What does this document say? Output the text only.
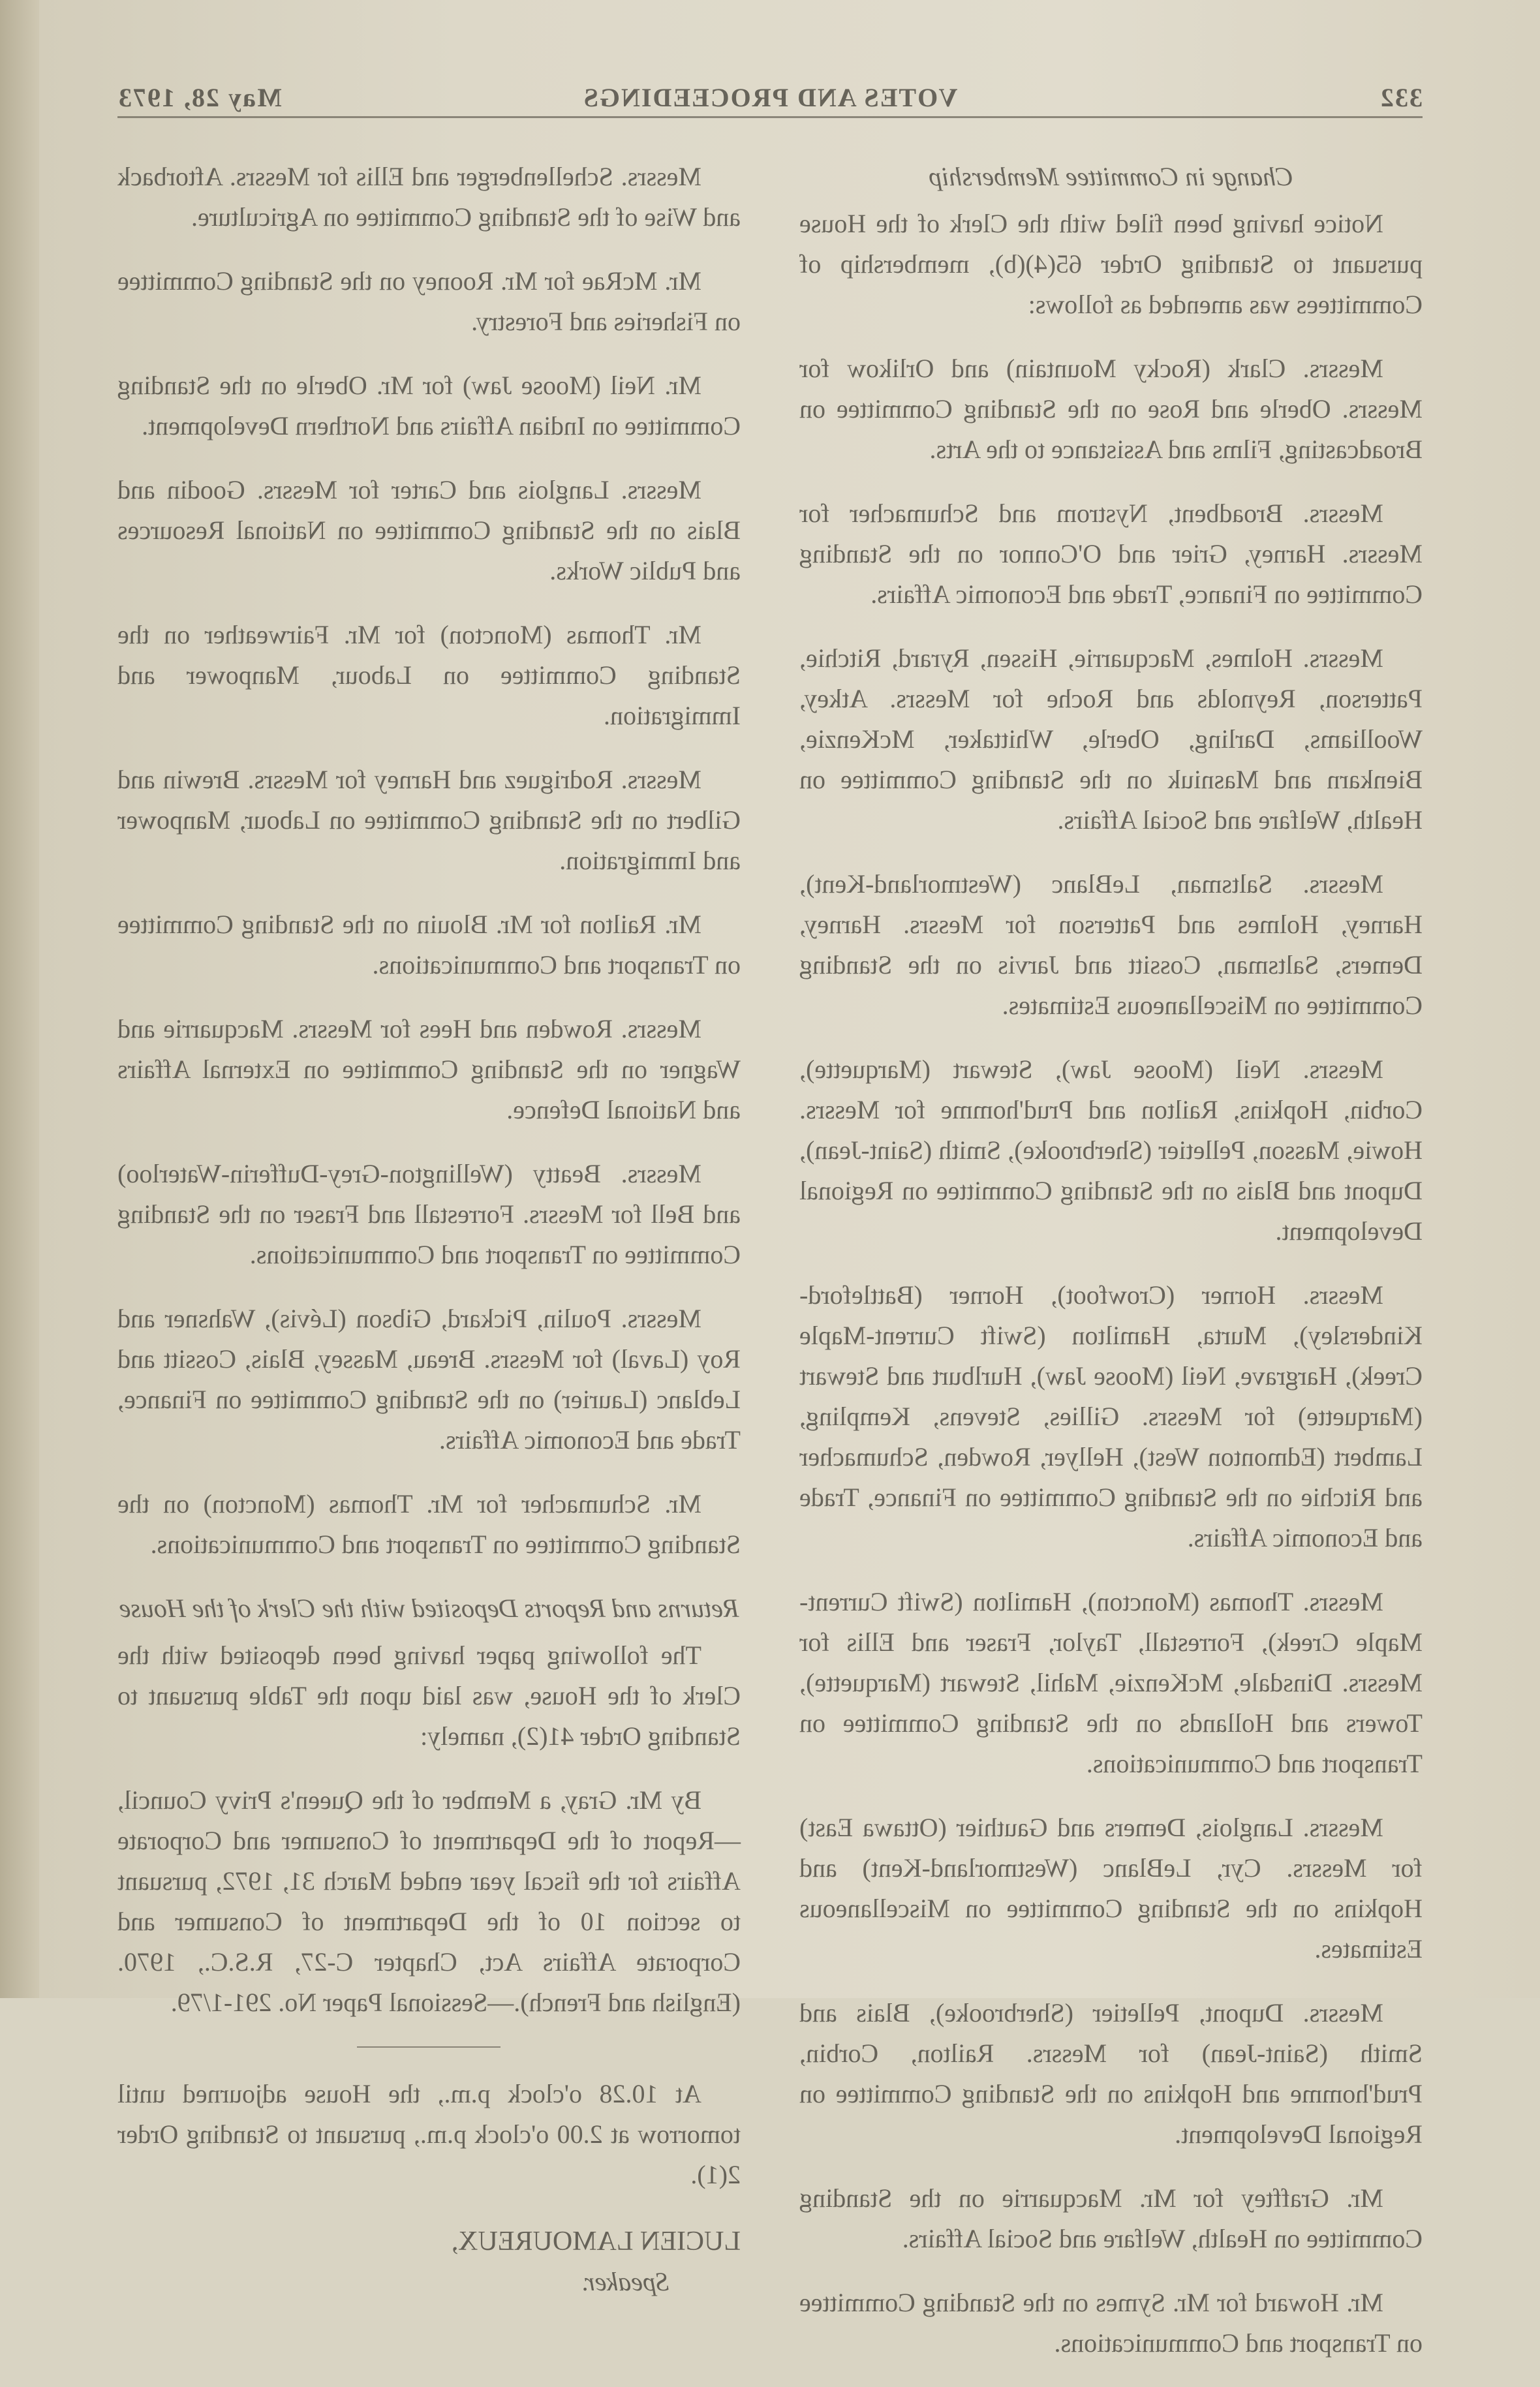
332
VOTES AND PROCEEDINGS
May 28, 1973
Change in Committee Membership

Notice having been filed with the Clerk of the House pursuant to Standing Order 65(4)(b), membership of Committees was amended as follows:

Messrs. Clark (Rocky Mountain) and Orlikow for Messrs. Oberle and Rose on the Standing Committee on Broadcasting, Films and Assistance to the Arts.

Messrs. Broadbent, Nystrom and Schumacher for Messrs. Harney, Grier and O'Connor on the Standing Committee on Finance, Trade and Economic Affairs.

Messrs. Holmes, Macquarrie, Hissen, Ryrard, Ritchie, Patterson, Reynolds and Roche for Messrs. Atkey, Woolliams, Darling, Oberle, Whittaker, McKenzie, Bienkarn and Masniuk on the Standing Committee on Health, Welfare and Social Affairs.

Messrs. Saltsman, LeBlanc (Westmorland-Kent), Harney, Holmes and Patterson for Messrs. Harney, Demers, Saltsman, Cossitt and Jarvis on the Standing Committee on Miscellaneous Estimates.

Messrs. Neil (Moose Jaw), Stewart (Marquette), Corbin, Hopkins, Railton and Prud'homme for Messrs. Howie, Masson, Pelletier (Sherbrooke), Smith (Saint-Jean), Dupont and Blais on the Standing Committee on Regional Development.

Messrs. Horner (Crowfoot), Horner (Battleford-Kindersley), Murta, Hamilton (Swift Current-Maple Creek), Hargrave, Neil (Moose Jaw), Hurlburt and Stewart (Marquette) for Messrs. Gillies, Stevens, Kempling, Lambert (Edmonton West), Hellyer, Rowden, Schumacher and Ritchie on the Standing Committee on Finance, Trade and Economic Affairs.

Messrs. Thomas (Moncton), Hamilton (Swift Current-Maple Creek), Forrestall, Taylor, Fraser and Ellis for Messrs. Dinsdale, McKenzie, Mahil, Stewart (Marquette), Towers and Hollands on the Standing Committee on Transport and Communications.

Messrs. Langlois, Demers and Gauthier (Ottawa East) for Messrs. Cyr, LeBlanc (Westmorland-Kent) and Hopkins on the Standing Committee on Miscellaneous Estimates.

Messrs. Dupont, Pelletier (Sherbrooke), Blais and Smith (Saint-Jean) for Messrs. Railton, Corbin, Prud'homme and Hopkins on the Standing Committee on Regional Development.

Mr. Grafftey for Mr. Macquarrie on the Standing Committee on Health, Welfare and Social Affairs.

Mr. Howard for Mr. Symes on the Standing Committee on Transport and Communications.

Messrs. Schellenberger and Ellis for Messrs. Aftorback and Wise of the Standing Committee on Agriculture.

Mr. McRae for Mr. Rooney on the Standing Committee on Fisheries and Forestry.

Mr. Neil (Moose Jaw) for Mr. Oberle on the Standing Committee on Indian Affairs and Northern Development.

Messrs. Langlois and Carter for Messrs. Goodin and Blais on the Standing Committee on National Resources and Public Works.

Mr. Thomas (Moncton) for Mr. Fairweather on the Standing Committee on Labour, Manpower and Immigration.

Messrs. Rodriguez and Harney for Messrs. Brewin and Gilbert on the Standing Committee on Labour, Manpower and Immigration.

Mr. Railton for Mr. Blouin on the Standing Committee on Transport and Communications.

Messrs. Rowden and Hees for Messrs. Macquarrie and Wagner on the Standing Committee on External Affairs and National Defence.

Messrs. Beatty (Wellington-Grey-Dufferin-Waterloo) and Bell for Messrs. Forrestall and Fraser on the Standing Committee on Transport and Communications.

Messrs. Poulin, Pickard, Gibson (Lévis), Wahsner and Roy (Laval) for Messrs. Breau, Massey, Blais, Cossitt and Leblanc (Laurier) on the Standing Committee on Finance, Trade and Economic Affairs.

Mr. Schumacher for Mr. Thomas (Moncton) on the Standing Committee on Transport and Communications.

Returns and Reports Deposited with the Clerk of the House

The following paper having been deposited with the Clerk of the House, was laid upon the Table pursuant to Standing Order 41(2), namely:

By Mr. Gray, a Member of the Queen's Privy Council,—Report of the Department of Consumer and Corporate Affairs for the fiscal year ended March 31, 1972, pursuant to section 10 of the Department of Consumer and Corporate Affairs Act, Chapter C-27, R.S.C., 1970. (English and French).—Sessional Paper No. 291-1/79.

At 10.28 o'clock p.m., the House adjourned until tomorrow at 2.00 o'clock p.m., pursuant to Standing Order 2(1).

LUCIEN LAMOUREUX,

Speaker.
